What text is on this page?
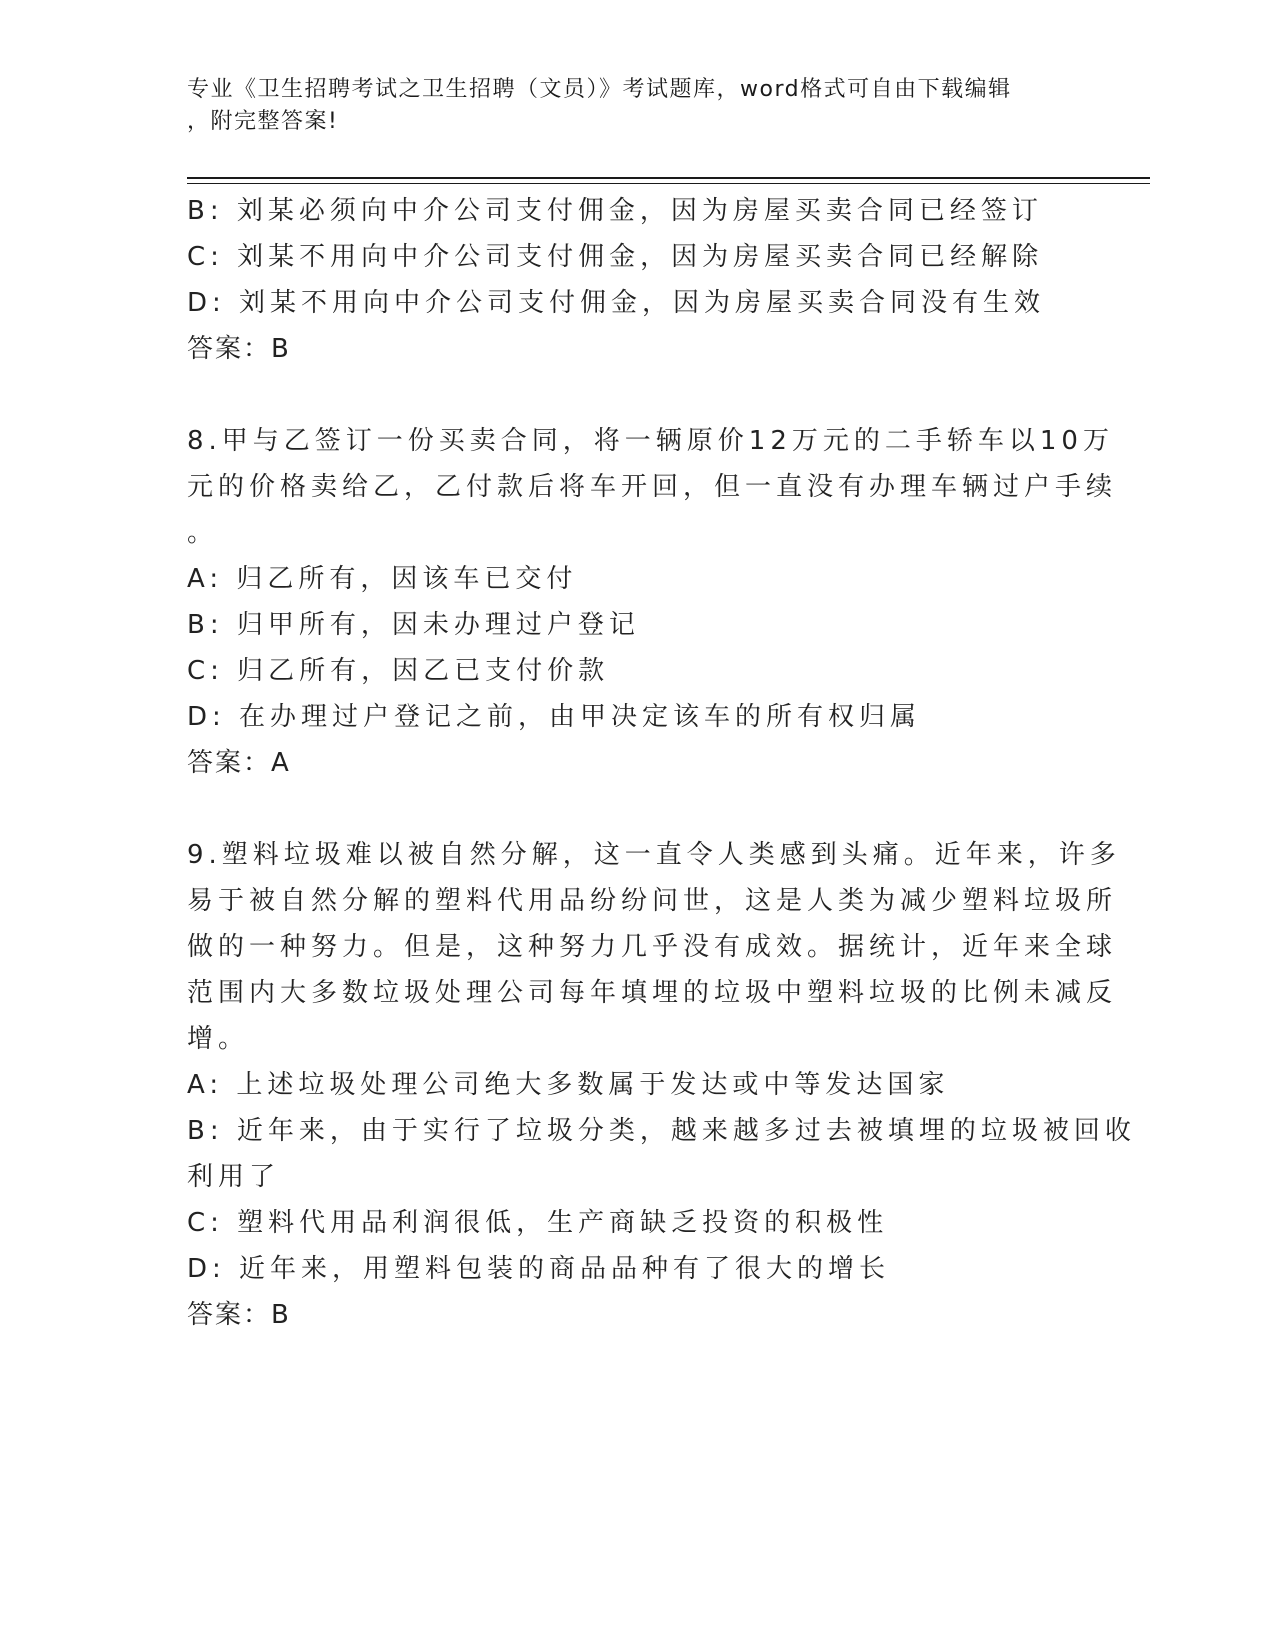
专业《卫生招聘考试之卫生招聘（文员）》考试题库，word格式可自由下载编辑
，附完整答案!
B: 刘某必须向中介公司支付佣金，因为房屋买卖合同已经签订
C: 刘某不用向中介公司支付佣金，因为房屋买卖合同已经解除
D: 刘某不用向中介公司支付佣金，因为房屋买卖合同没有生效
答案：B
8.甲与乙签订一份买卖合同，将一辆原价12万元的二手轿车以10万
元的价格卖给乙，乙付款后将车开回，但一直没有办理车辆过户手续
。
A: 归乙所有，因该车已交付
B: 归甲所有，因未办理过户登记
C: 归乙所有，因乙已支付价款
D: 在办理过户登记之前，由甲决定该车的所有权归属
答案：A
9.塑料垃圾难以被自然分解，这一直令人类感到头痛。近年来，许多
易于被自然分解的塑料代用品纷纷问世，这是人类为减少塑料垃圾所
做的一种努力。但是，这种努力几乎没有成效。据统计，近年来全球
范围内大多数垃圾处理公司每年填埋的垃圾中塑料垃圾的比例未减反
增。
A: 上述垃圾处理公司绝大多数属于发达或中等发达国家
B: 近年来，由于实行了垃圾分类，越来越多过去被填埋的垃圾被回收
利用了
C: 塑料代用品利润很低，生产商缺乏投资的积极性
D: 近年来，用塑料包装的商品品种有了很大的增长
答案：B
